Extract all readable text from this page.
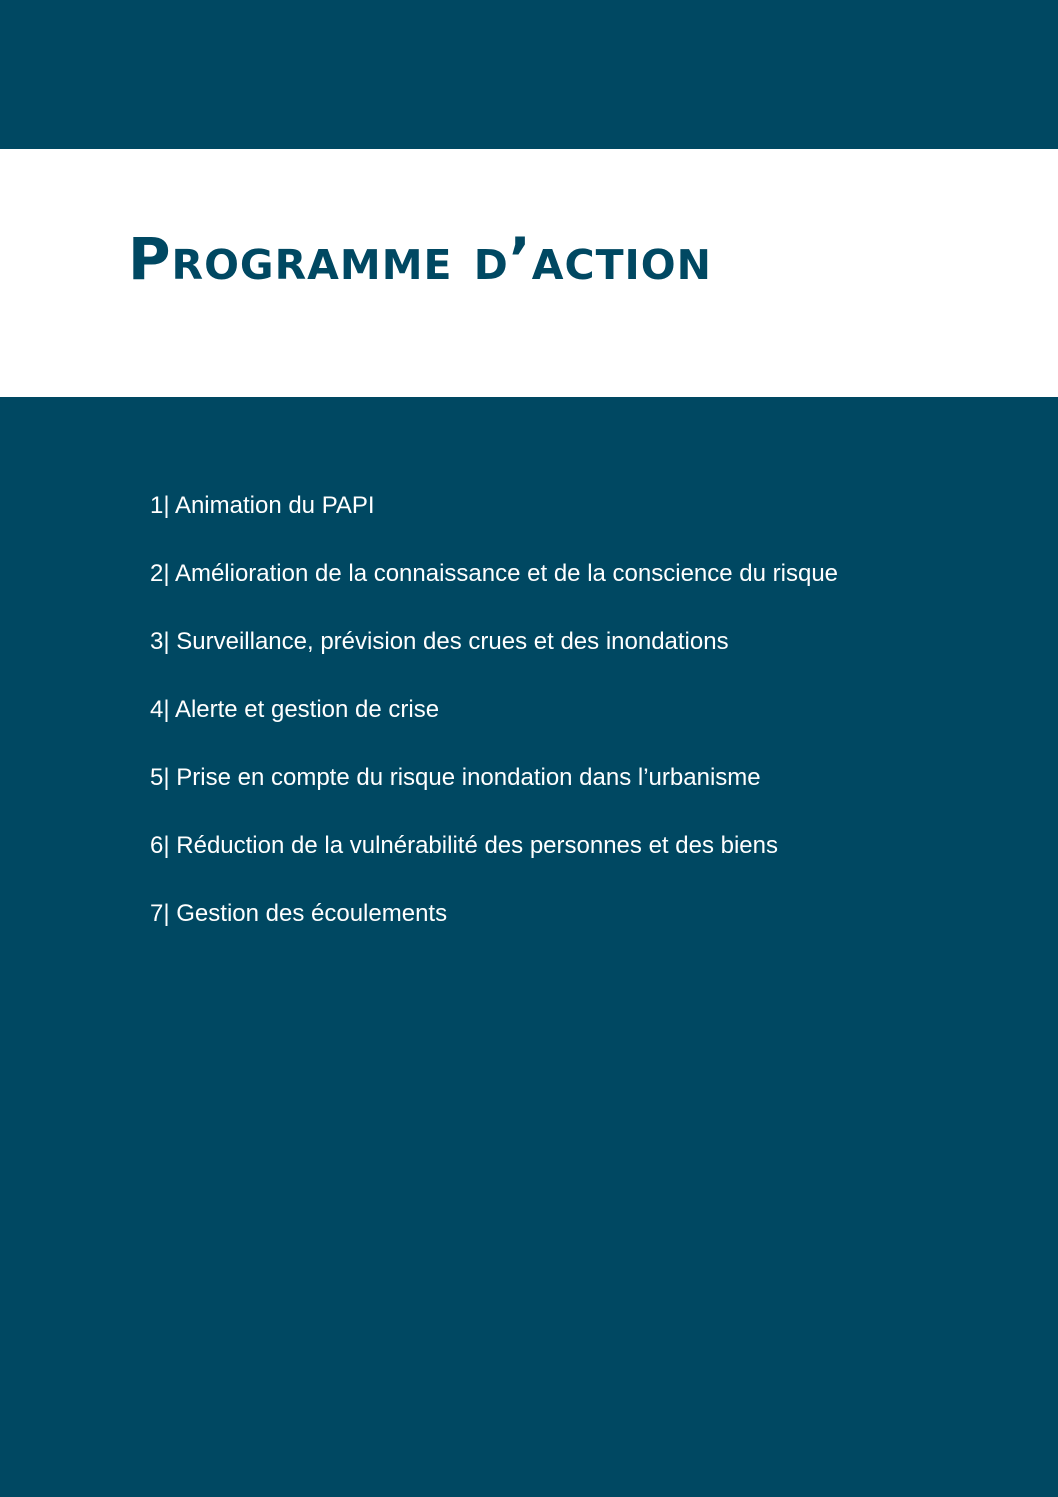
Programme d’action
1| Animation du PAPI
2| Amélioration de la connaissance et de la conscience du risque
3| Surveillance, prévision des crues et des inondations
4| Alerte et gestion de crise
5| Prise en compte du risque inondation dans l’urbanisme
6| Réduction de la vulnérabilité des personnes et des biens
7| Gestion des écoulements
